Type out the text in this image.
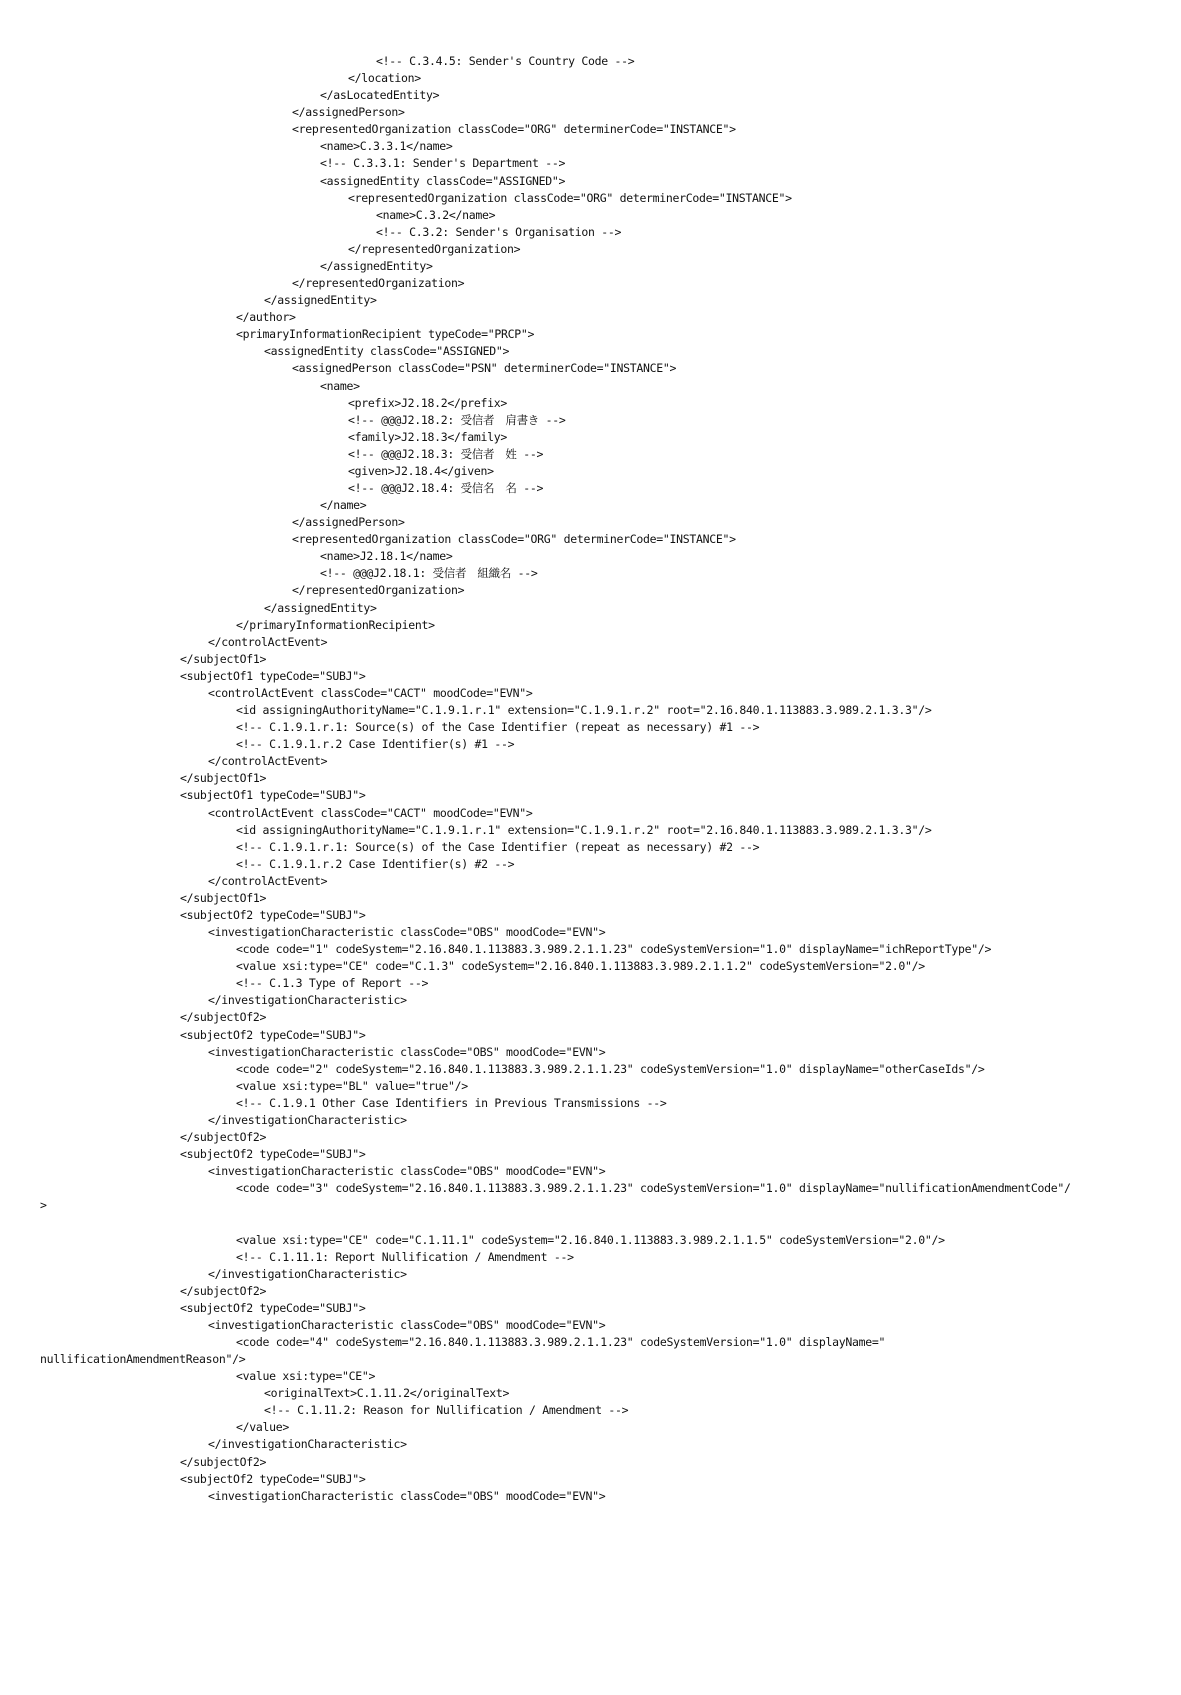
<!-- C.3.4.5: Sender's Country Code -->
</location>
</asLocatedEntity>
</assignedPerson>
<representedOrganization classCode="ORG" determinerCode="INSTANCE">
<name>C.3.3.1</name>
<!-- C.3.3.1: Sender's Department -->
<assignedEntity classCode="ASSIGNED">
<representedOrganization classCode="ORG" determinerCode="INSTANCE">
<name>C.3.2</name>
<!-- C.3.2: Sender's Organisation -->
</representedOrganization>
</assignedEntity>
</representedOrganization>
</assignedEntity>
</author>
<primaryInformationRecipient typeCode="PRCP">
<assignedEntity classCode="ASSIGNED">
<assignedPerson classCode="PSN" determinerCode="INSTANCE">
<name>
<prefix>J2.18.2</prefix>
<!-- @@@J2.18.2: 受信者　肩書き -->
<family>J2.18.3</family>
<!-- @@@J2.18.3: 受信者　姓 -->
<given>J2.18.4</given>
<!-- @@@J2.18.4: 受信名　名 -->
</name>
</assignedPerson>
<representedOrganization classCode="ORG" determinerCode="INSTANCE">
<name>J2.18.1</name>
<!-- @@@J2.18.1: 受信者　組織名 -->
</representedOrganization>
</assignedEntity>
</primaryInformationRecipient>
</controlActEvent>
</subjectOf1>
<subjectOf1 typeCode="SUBJ">
<controlActEvent classCode="CACT" moodCode="EVN">
<id assigningAuthorityName="C.1.9.1.r.1" extension="C.1.9.1.r.2" root="2.16.840.1.113883.3.989.2.1.3.3"/>
<!-- C.1.9.1.r.1: Source(s) of the Case Identifier (repeat as necessary) #1 -->
<!-- C.1.9.1.r.2 Case Identifier(s) #1 -->
</controlActEvent>
</subjectOf1>
<subjectOf1 typeCode="SUBJ">
<controlActEvent classCode="CACT" moodCode="EVN">
<id assigningAuthorityName="C.1.9.1.r.1" extension="C.1.9.1.r.2" root="2.16.840.1.113883.3.989.2.1.3.3"/>
<!-- C.1.9.1.r.1: Source(s) of the Case Identifier (repeat as necessary) #2 -->
<!-- C.1.9.1.r.2 Case Identifier(s) #2 -->
</controlActEvent>
</subjectOf1>
<subjectOf2 typeCode="SUBJ">
<investigationCharacteristic classCode="OBS" moodCode="EVN">
<code code="1" codeSystem="2.16.840.1.113883.3.989.2.1.1.23" codeSystemVersion="1.0" displayName="ichReportType"/>
<value xsi:type="CE" code="C.1.3" codeSystem="2.16.840.1.113883.3.989.2.1.1.2" codeSystemVersion="2.0"/>
<!-- C.1.3 Type of Report -->
</investigationCharacteristic>
</subjectOf2>
<subjectOf2 typeCode="SUBJ">
<investigationCharacteristic classCode="OBS" moodCode="EVN">
<code code="2" codeSystem="2.16.840.1.113883.3.989.2.1.1.23" codeSystemVersion="1.0" displayName="otherCaseIds"/>
<value xsi:type="BL" value="true"/>
<!-- C.1.9.1 Other Case Identifiers in Previous Transmissions -->
</investigationCharacteristic>
</subjectOf2>
<subjectOf2 typeCode="SUBJ">
<investigationCharacteristic classCode="OBS" moodCode="EVN">
<code code="3" codeSystem="2.16.840.1.113883.3.989.2.1.1.23" codeSystemVersion="1.0" displayName="nullificationAmendmentCode"/
>
<value xsi:type="CE" code="C.1.11.1" codeSystem="2.16.840.1.113883.3.989.2.1.1.5" codeSystemVersion="2.0"/>
<!-- C.1.11.1: Report Nullification / Amendment -->
</investigationCharacteristic>
</subjectOf2>
<subjectOf2 typeCode="SUBJ">
<investigationCharacteristic classCode="OBS" moodCode="EVN">
<code code="4" codeSystem="2.16.840.1.113883.3.989.2.1.1.23" codeSystemVersion="1.0" displayName="
nullificationAmendmentReason"/>
<value xsi:type="CE">
<originalText>C.1.11.2</originalText>
<!-- C.1.11.2: Reason for Nullification / Amendment -->
</value>
</investigationCharacteristic>
</subjectOf2>
<subjectOf2 typeCode="SUBJ">
<investigationCharacteristic classCode="OBS" moodCode="EVN">
